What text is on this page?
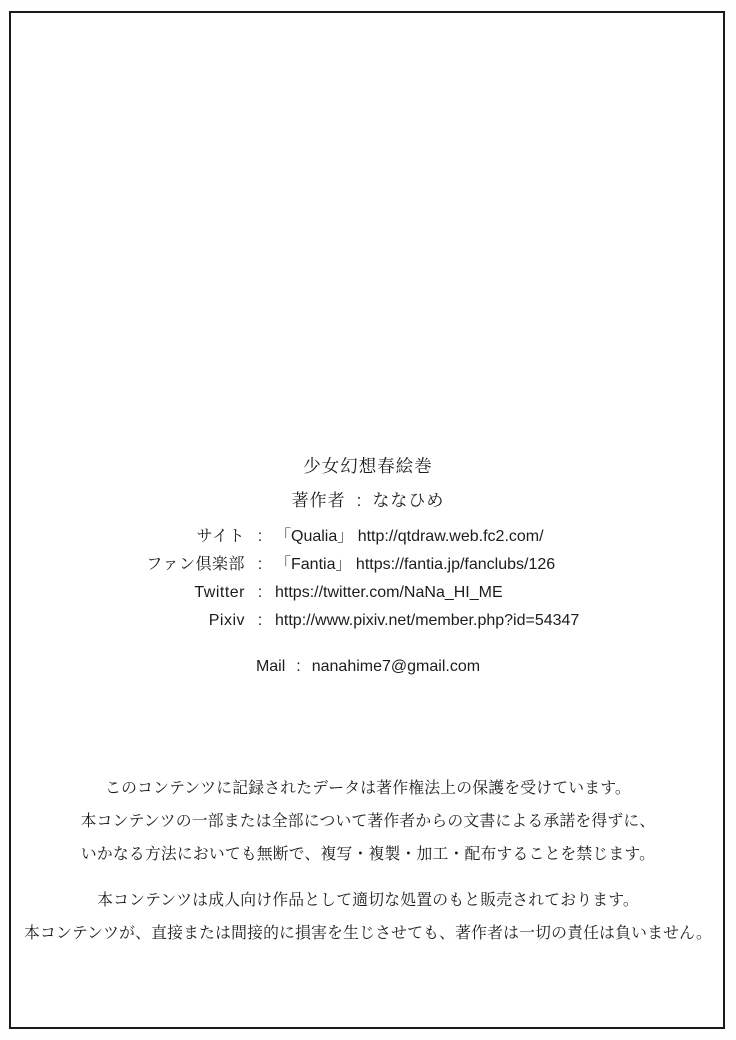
少女幻想春絵巻
著作者 : ななひめ
サイト : 「Qualia」 http://qtdraw.web.fc2.com/
ファン倶楽部 : 「Fantia」 https://fantia.jp/fanclubs/126
Twitter : https://twitter.com/NaNa_HI_ME
Pixiv : http://www.pixiv.net/member.php?id=54347
Mail : nanahime7@gmail.com
このコンテンツに記録されたデータは著作権法上の保護を受けています。
本コンテンツの一部または全部について著作者からの文書による承諾を得ずに、
いかなる方法においても無断で、複写・複製・加工・配布することを禁じます。
本コンテンツは成人向け作品として適切な処置のもと販売されております。
本コンテンツが、直接または間接的に損害を生じさせても、著作者は一切の責任は負いません。
